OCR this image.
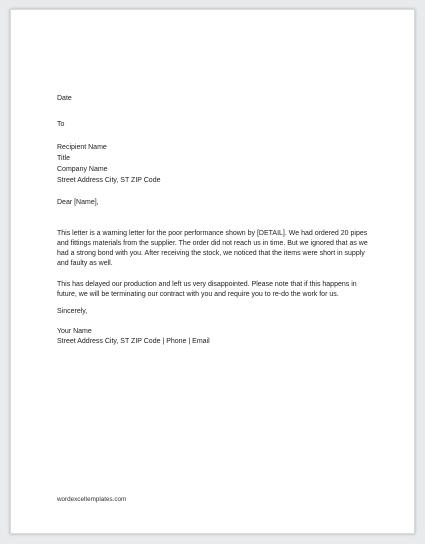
Date

To

Recipient Name

Title

Company Name

Street Address City, ST ZIP Code

Dear [Name],

This letter is a warning letter for the poor performance shown by [DETAIL]. We had ordered 20 pipes and fittings materials from the supplier. The order did not reach us in time. But we ignored that as we had a strong bond with you. After receiving the stock, we noticed that the items were short in supply and faulty as well.

This has delayed our production and left us very disappointed. Please note that if this happens in future, we will be terminating our contract with you and require you to re-do the work for us.

Sincerely,

Your Name

Street Address City, ST ZIP Code | Phone | Email

wordexceltemplates.com
